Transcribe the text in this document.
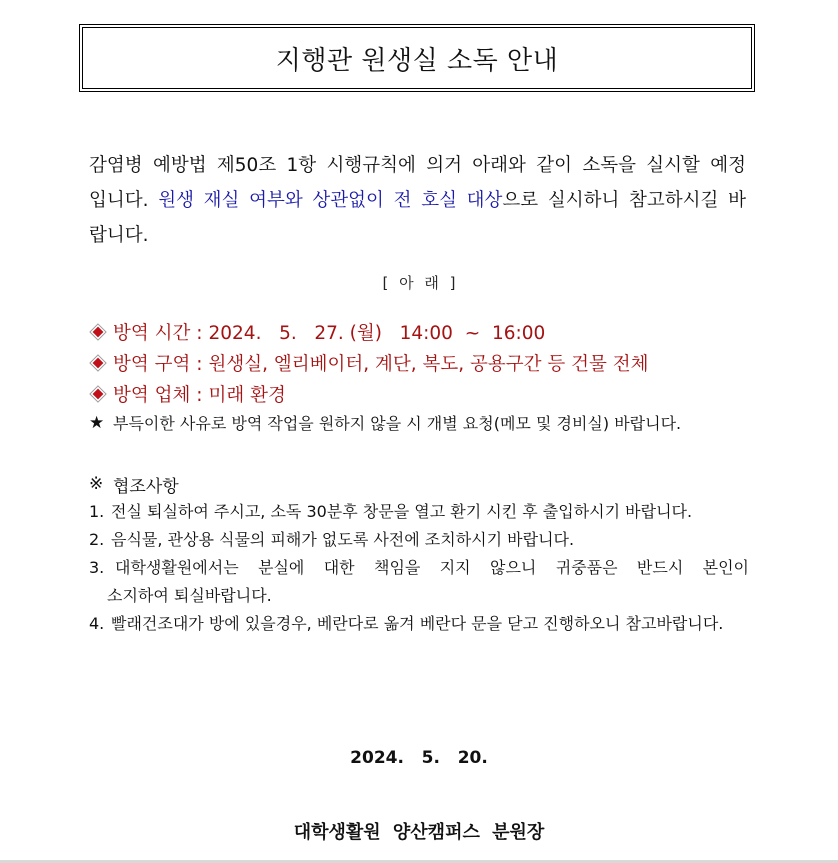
지행관 원생실 소독 안내

감염병 예방법 제50조 1항 시행규칙에 의거 아래와 같이 소독을 실시할 예정입니다. 원생 재실 여부와 상관없이 전 호실 대상으로 실시하니 참고하시길 바랍니다.

[ 아 래 ]
방역 시간 : 2024.   5.   27. (월)   14:00  ~  16:00
방역 구역 : 원생실, 엘리베이터, 계단, 복도, 공용구간 등 건물 전체
방역 업체 : 미래 환경
★ 부득이한 사유로 방역 작업을 원하지 않을 시 개별 요청(메모 및 경비실) 바랍니다.
※ 협조사항
1. 전실 퇴실하여 주시고, 소독 30분후 창문을 열고 환기 시킨 후 출입하시기 바랍니다.
2. 음식물, 관상용 식물의 피해가 없도록 사전에 조치하시기 바랍니다.
3. 대학생활원에서는 분실에 대한 책임을 지지 않으니 귀중품은 반드시 본인이
소지하여 퇴실바랍니다.
4. 빨래건조대가 방에 있을경우, 베란다로 옮겨 베란다 문을 닫고 진행하오니 참고바랍니다.
2024.   5.   20.
대학생활원 양산캠퍼스 분원장
